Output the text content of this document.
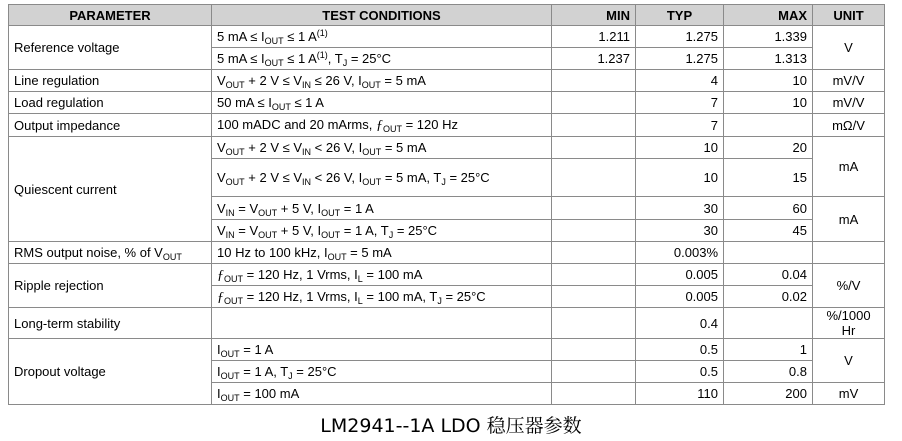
PARAMETER	TEST CONDITIONS	MIN	TYP	MAX	UNIT
Reference voltage	5 mA ≤ $I_{OUT} \le 1$ $A^{(1)}$	1.211	1.275	1.339	V
	5 mA ≤ $I_{OUT} \le 1$ $A^{(1)}$, $T_J = 25^\circ C$	1.237	1.275	1.313	
Line regulation	$V_{OUT} + 2$ $V \le V_{IN} \le 26$ V, $I_{OUT} = 5$ mA		4	10	mV/V
Load regulation	50 mA ≤ $I_{OUT} \le 1$ A		7	10	mV/V
Output impedance	100 mADC and 20 mArms, $ƒ_{OUT} = 120$ Hz		7		mΩ/V
Quiescent current	$V_{OUT} + 2$ $V \le V_{IN} < 26$ V, $I_{OUT} = 5$ mA		10	20	mA
	$V_{OUT} + 2$ $V \le V_{IN} < 26$ V, $I_{OUT} = 5$ mA, $T_J = 25^\circ C$		10	15	
	$V_{IN} = V_{OUT} + 5$ V, $I_{OUT} = 1$ A		30	60	mA
	$V_{IN} = V_{OUT} + 5$ V, $I_{OUT} = 1$ A, $T_J = 25^\circ C$		30	45	
RMS output noise, % of $V_{OUT}$	10 Hz to 100 kHz, $I_{OUT} = 5$ mA		0.003%		
Ripple rejection	$ƒ_{OUT} = 120$ Hz, 1 Vrms, $I_L = 100$ mA		0.005	0.04	%/V
	$ƒ_{OUT} = 120$ Hz, 1 Vrms, $I_L = 100$ mA, $T_J = 25^\circ C$		0.005	0.02	
Long-term stability			0.4		%/1000 Hr
Dropout voltage	$I_{OUT} = 1$ A		0.5	1	V
	$I_{OUT} = 1$ A, $T_J = 25^\circ C$		0.5	0.8	
	$I_{OUT} = 100$ mA		110	200	mV
LM2941--1A LDO 稳压器参数
